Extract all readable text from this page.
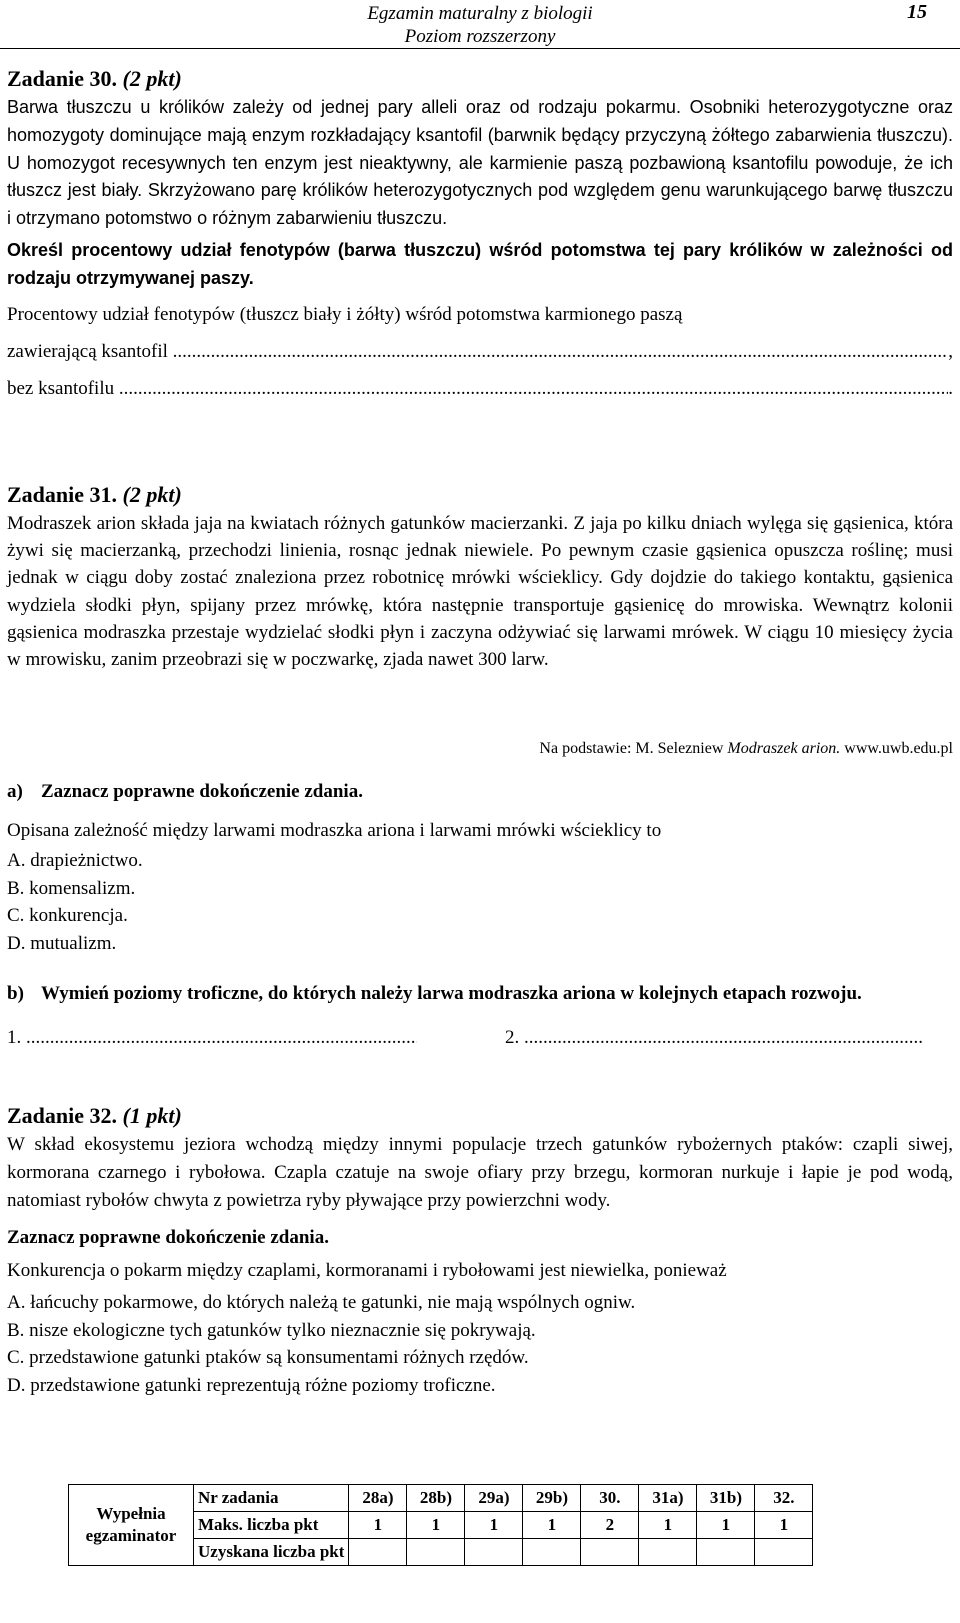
Egzamin maturalny z biologii
Poziom rozszerzony
15

Zadanie 30. (2 pkt)

Barwa tłuszczu u królików zależy od jednej pary alleli oraz od rodzaju pokarmu. Osobniki heterozygotyczne oraz homozygoty dominujące mają enzym rozkładający ksantofil (barwnik będący przyczyną żółtego zabarwienia tłuszczu). U homozygot recesywnych ten enzym jest nieaktywny, ale karmienie paszą pozbawioną ksantofilu powoduje, że ich tłuszcz jest biały. Skrzyżowano parę królików heterozygotycznych pod względem genu warunkującego barwę tłuszczu i otrzymano potomstwo o różnym zabarwieniu tłuszczu.

Określ procentowy udział fenotypów (barwa tłuszczu) wśród potomstwa tej pary królików w zależności od rodzaju otrzymywanej paszy.

Procentowy udział fenotypów (tłuszcz biały i żółty) wśród potomstwa karmionego paszą

zawierającą ksantofil .....	,
bez ksantofilu .....	.

Zadanie 31. (2 pkt)

Modraszek arion składa jaja na kwiatach różnych gatunków macierzanki. Z jaja po kilku dniach wylęga się gąsienica, która żywi się macierzanką, przechodzi linienia, rosnąc jednak niewiele. Po pewnym czasie gąsienica opuszcza roślinę; musi jednak w ciągu doby zostać znaleziona przez robotnicę mrówki wścieklicy. Gdy dojdzie do takiego kontaktu, gąsienica wydziela słodki płyn, spijany przez mrówkę, która następnie transportuje gąsienicę do mrowiska. Wewnątrz kolonii gąsienica modraszka przestaje wydzielać słodki płyn i zaczyna odżywiać się larwami mrówek. W ciągu 10 miesięcy życia w mrowisku, zanim przeobrazi się w poczwarkę, zjada nawet 300 larw.

Na podstawie: M. Selezniew Modraszek arion. www.uwb.edu.pl
a) Zaznacz poprawne dokończenie zdania.

Opisana zależność między larwami modraszka ariona i larwami mrówki wścieklicy to

A. drapieżnictwo.

B. komensalizm.

C. konkurencja.

D. mutualizm.

b) Wymień poziomy troficzne, do których należy larwa modraszka ariona w kolejnych etapach rozwoju.
1. .....	2.
.....

Zadanie 32. (1 pkt)

W skład ekosystemu jeziora wchodzą między innymi populacje trzech gatunków rybożernych ptaków: czapli siwej, kormorana czarnego i rybołowa. Czapla czatuje na swoje ofiary przy brzegu, kormoran nurkuje i łapie je pod wodą, natomiast rybołów chwyta z powietrza ryby pływające przy powierzchni wody.

Zaznacz poprawne dokończenie zdania.

Konkurencja o pokarm między czaplami, kormoranami i rybołowami jest niewielka, ponieważ

A. łańcuchy pokarmowe, do których należą te gatunki, nie mają wspólnych ogniw.

B. nisze ekologiczne tych gatunków tylko nieznacznie się pokrywają.

C. przedstawione gatunki ptaków są konsumentami różnych rzędów.

D. przedstawione gatunki reprezentują różne poziomy troficzne.

Wypełnia
egzaminator	Nr zadania	28a)	28b)	29a)	29b)	30.	31a)	31b)	32.
	Maks. liczba pkt	1	1	1	1	2	1	1	1
	Uzyskana liczba pkt								
